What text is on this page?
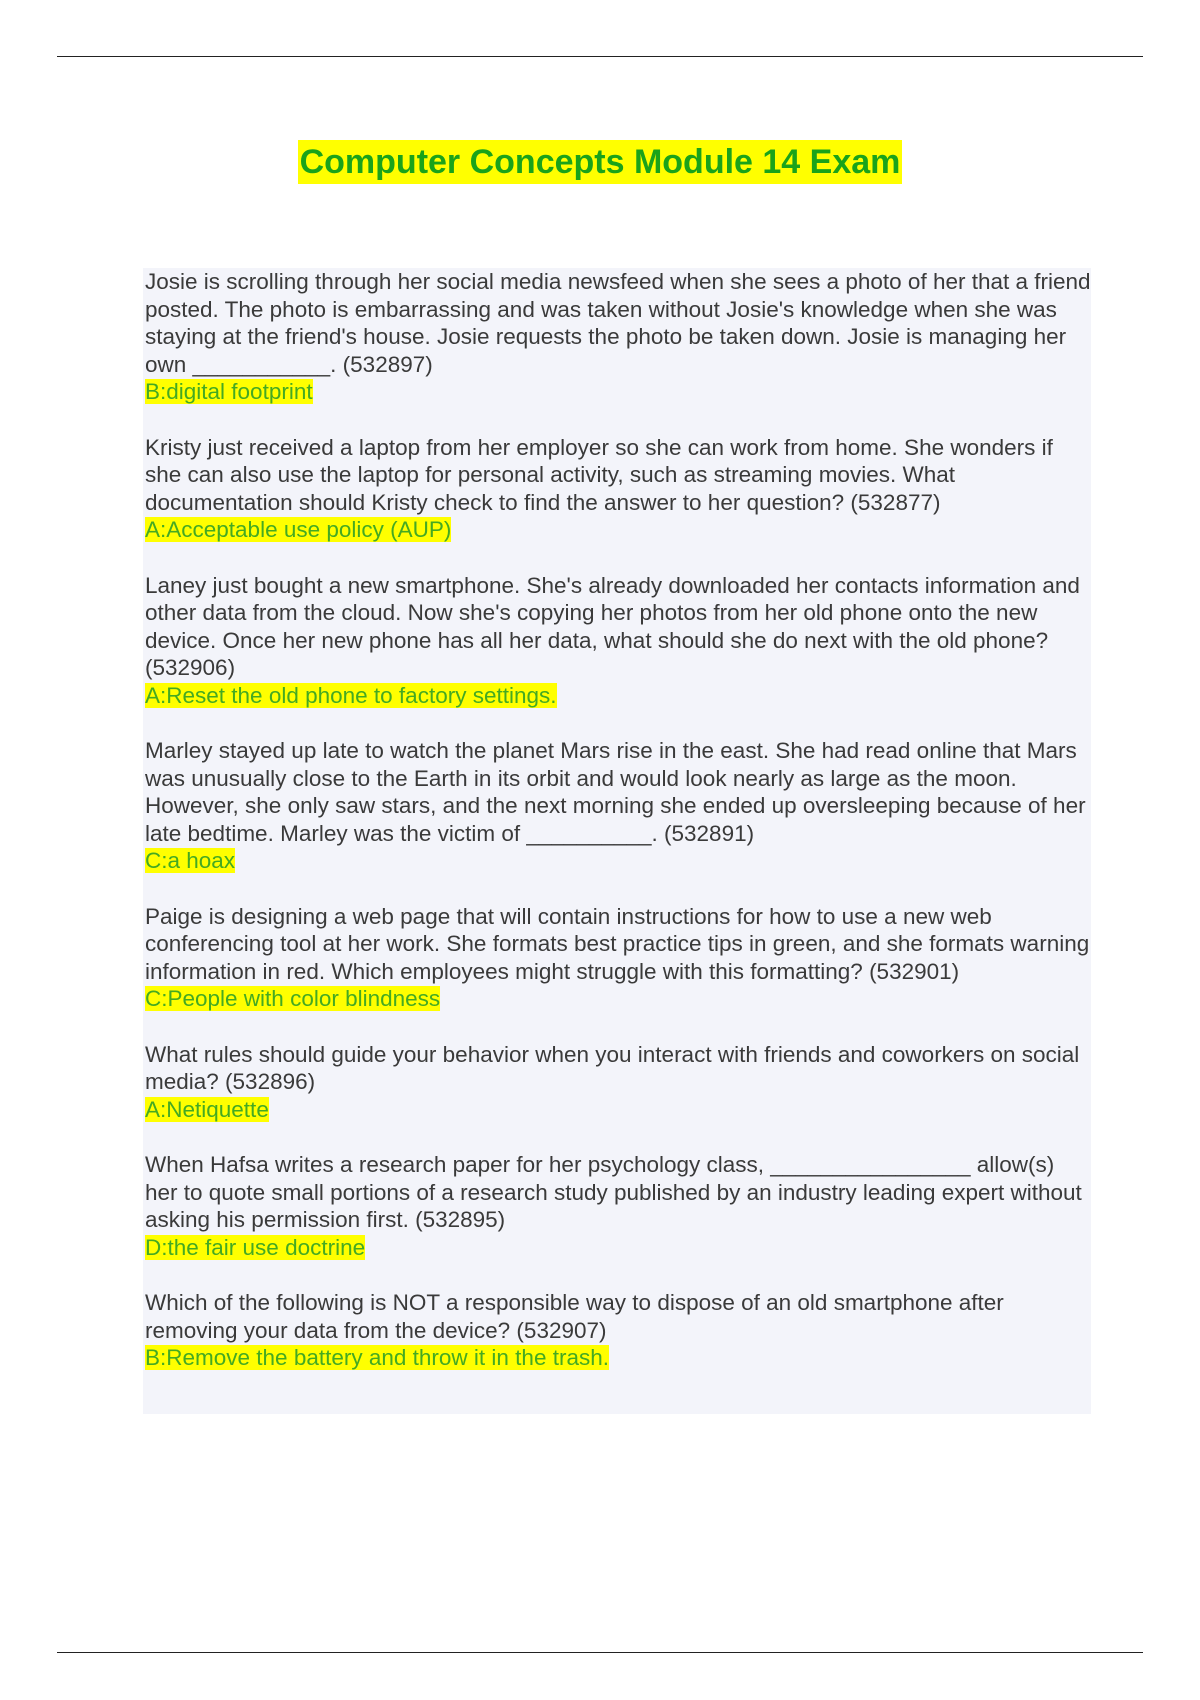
Computer Concepts Module 14 Exam
Josie is scrolling through her social media newsfeed when she sees a photo of her that a friend posted. The photo is embarrassing and was taken without Josie's knowledge when she was staying at the friend's house. Josie requests the photo be taken down. Josie is managing her own ___________. (532897)
B:digital footprint
Kristy just received a laptop from her employer so she can work from home. She wonders if she can also use the laptop for personal activity, such as streaming movies. What documentation should Kristy check to find the answer to her question? (532877)
A:Acceptable use policy (AUP)
Laney just bought a new smartphone. She's already downloaded her contacts information and other data from the cloud. Now she's copying her photos from her old phone onto the new device. Once her new phone has all her data, what should she do next with the old phone? (532906)
A:Reset the old phone to factory settings.
Marley stayed up late to watch the planet Mars rise in the east. She had read online that Mars was unusually close to the Earth in its orbit and would look nearly as large as the moon. However, she only saw stars, and the next morning she ended up oversleeping because of her late bedtime. Marley was the victim of __________. (532891)
C:a hoax
Paige is designing a web page that will contain instructions for how to use a new web conferencing tool at her work. She formats best practice tips in green, and she formats warning information in red. Which employees might struggle with this formatting? (532901)
C:People with color blindness
What rules should guide your behavior when you interact with friends and coworkers on social media? (532896)
A:Netiquette
When Hafsa writes a research paper for her psychology class, ________________ allow(s) her to quote small portions of a research study published by an industry leading expert without asking his permission first. (532895)
D:the fair use doctrine
Which of the following is NOT a responsible way to dispose of an old smartphone after removing your data from the device? (532907)
B:Remove the battery and throw it in the trash.
